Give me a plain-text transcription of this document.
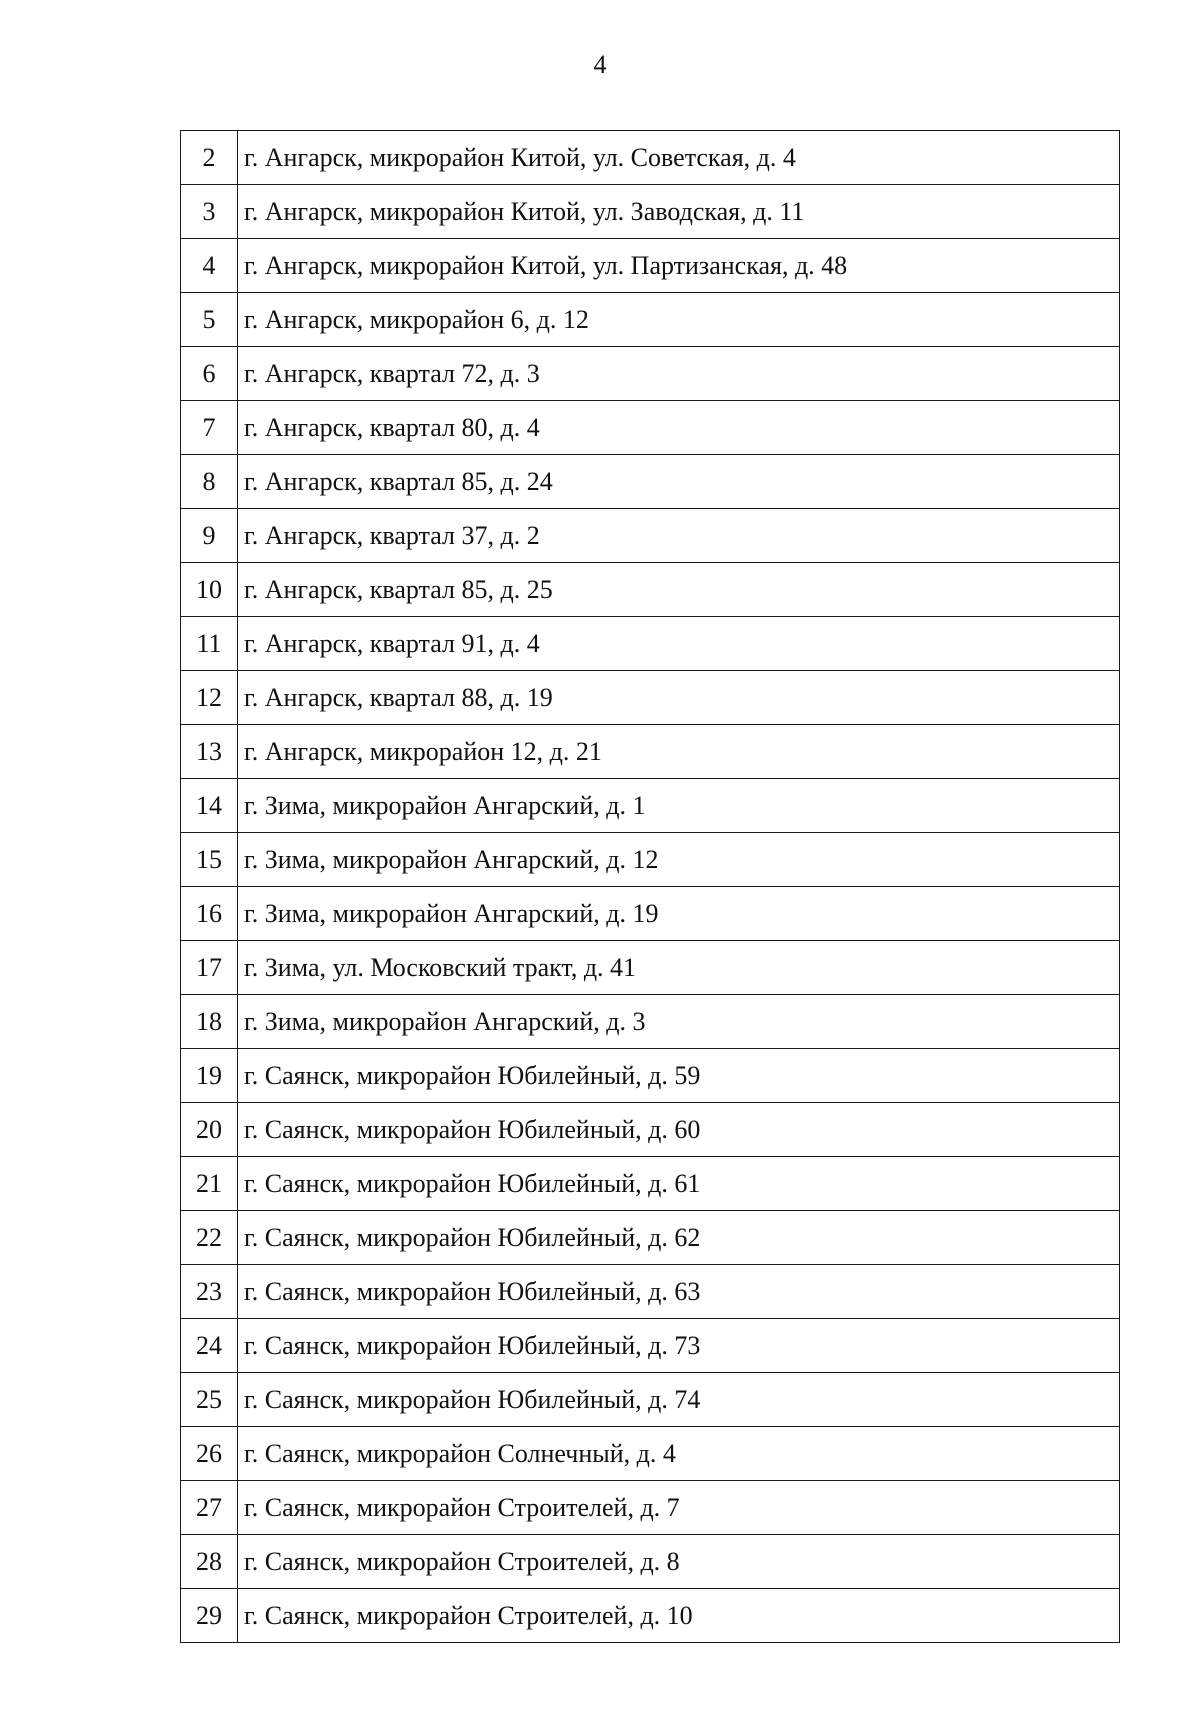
4
2	г. Ангарск, микрорайон Китой, ул. Советская, д. 4
3	г. Ангарск, микрорайон Китой, ул. Заводская, д. 11
4	г. Ангарск, микрорайон Китой, ул. Партизанская, д. 48
5	г. Ангарск, микрорайон 6, д. 12
6	г. Ангарск, квартал 72, д. 3
7	г. Ангарск, квартал 80, д. 4
8	г. Ангарск, квартал 85, д. 24
9	г. Ангарск, квартал 37, д. 2
10	г. Ангарск, квартал 85, д. 25
11	г. Ангарск, квартал 91, д. 4
12	г. Ангарск, квартал 88, д. 19
13	г. Ангарск, микрорайон 12, д. 21
14	г. Зима, микрорайон Ангарский, д. 1
15	г. Зима, микрорайон Ангарский, д. 12
16	г. Зима, микрорайон Ангарский, д. 19
17	г. Зима, ул. Московский тракт, д. 41
18	г. Зима, микрорайон Ангарский, д. 3
19	г. Саянск, микрорайон Юбилейный, д. 59
20	г. Саянск, микрорайон Юбилейный, д. 60
21	г. Саянск, микрорайон Юбилейный, д. 61
22	г. Саянск, микрорайон Юбилейный, д. 62
23	г. Саянск, микрорайон Юбилейный, д. 63
24	г. Саянск, микрорайон Юбилейный, д. 73
25	г. Саянск, микрорайон Юбилейный, д. 74
26	г. Саянск, микрорайон Солнечный, д. 4
27	г. Саянск, микрорайон Строителей, д. 7
28	г. Саянск, микрорайон Строителей, д. 8
29	г. Саянск, микрорайон Строителей, д. 10
